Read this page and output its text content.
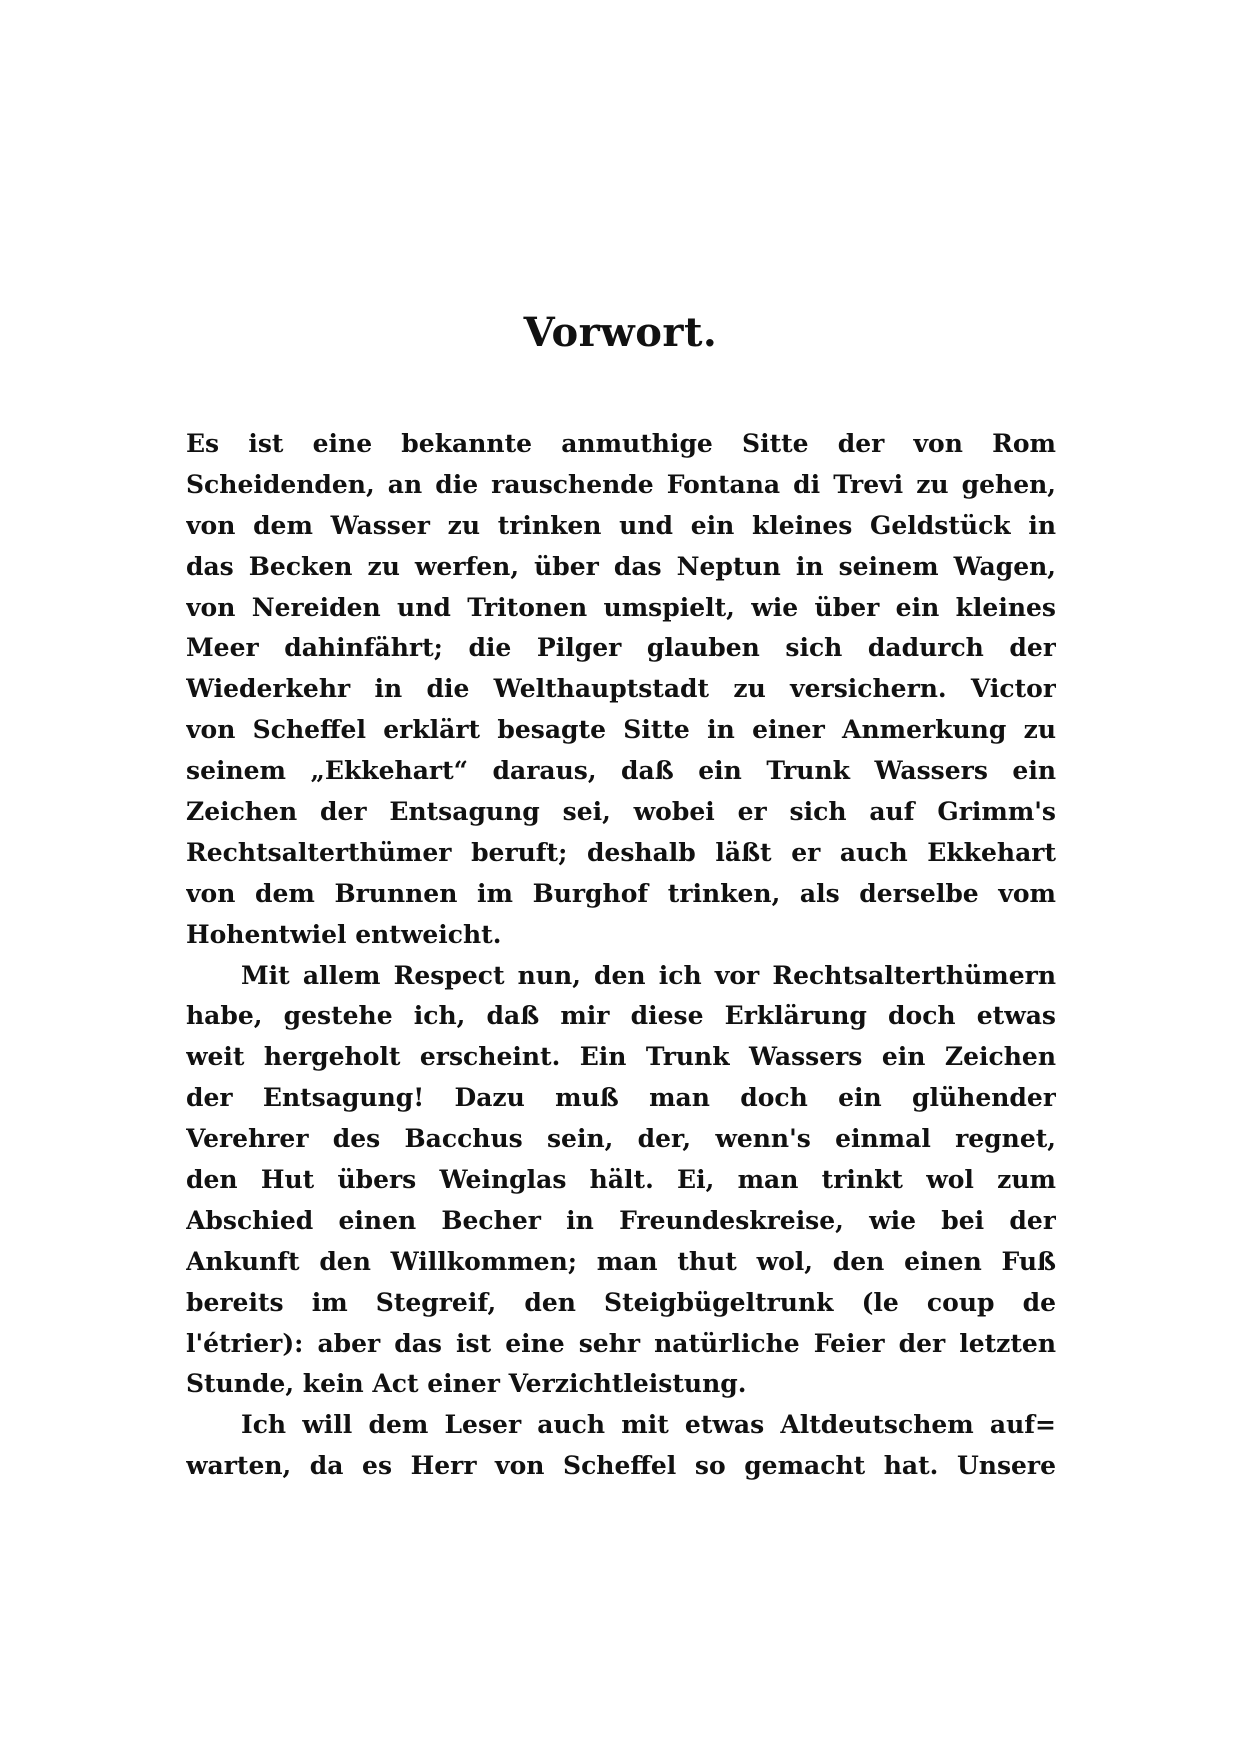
Vorwort.
Es ist eine bekannte anmuthige Sitte der von Rom
Scheidenden, an die rauschende Fontana di Trevi zu gehen,
von dem Wasser zu trinken und ein kleines Geldstück in
das Becken zu werfen, über das Neptun in seinem Wagen,
von Nereiden und Tritonen umspielt, wie über ein kleines
Meer dahinfährt; die Pilger glauben sich dadurch der
Wiederkehr in die Welthauptstadt zu versichern. Victor
von Scheffel erklärt besagte Sitte in einer Anmerkung zu
seinem „Ekkehart“ daraus, daß ein Trunk Wassers ein
Zeichen der Entsagung sei, wobei er sich auf Grimm's
Rechtsalterthümer beruft; deshalb läßt er auch Ekkehart
von dem Brunnen im Burghof trinken, als derselbe vom
Hohentwiel entweicht.
Mit allem Respect nun, den ich vor Rechtsalterthümern
habe, gestehe ich, daß mir diese Erklärung doch etwas
weit hergeholt erscheint. Ein Trunk Wassers ein Zeichen
der Entsagung! Dazu muß man doch ein glühender
Verehrer des Bacchus sein, der, wenn's einmal regnet,
den Hut übers Weinglas hält. Ei, man trinkt wol zum
Abschied einen Becher in Freundeskreise, wie bei der
Ankunft den Willkommen; man thut wol, den einen Fuß
bereits im Stegreif, den Steigbügeltrunk (le coup de
l'étrier): aber das ist eine sehr natürliche Feier der letzten
Stunde, kein Act einer Verzichtleistung.
Ich will dem Leser auch mit etwas Altdeutschem auf=
warten, da es Herr von Scheffel so gemacht hat. Unsere
